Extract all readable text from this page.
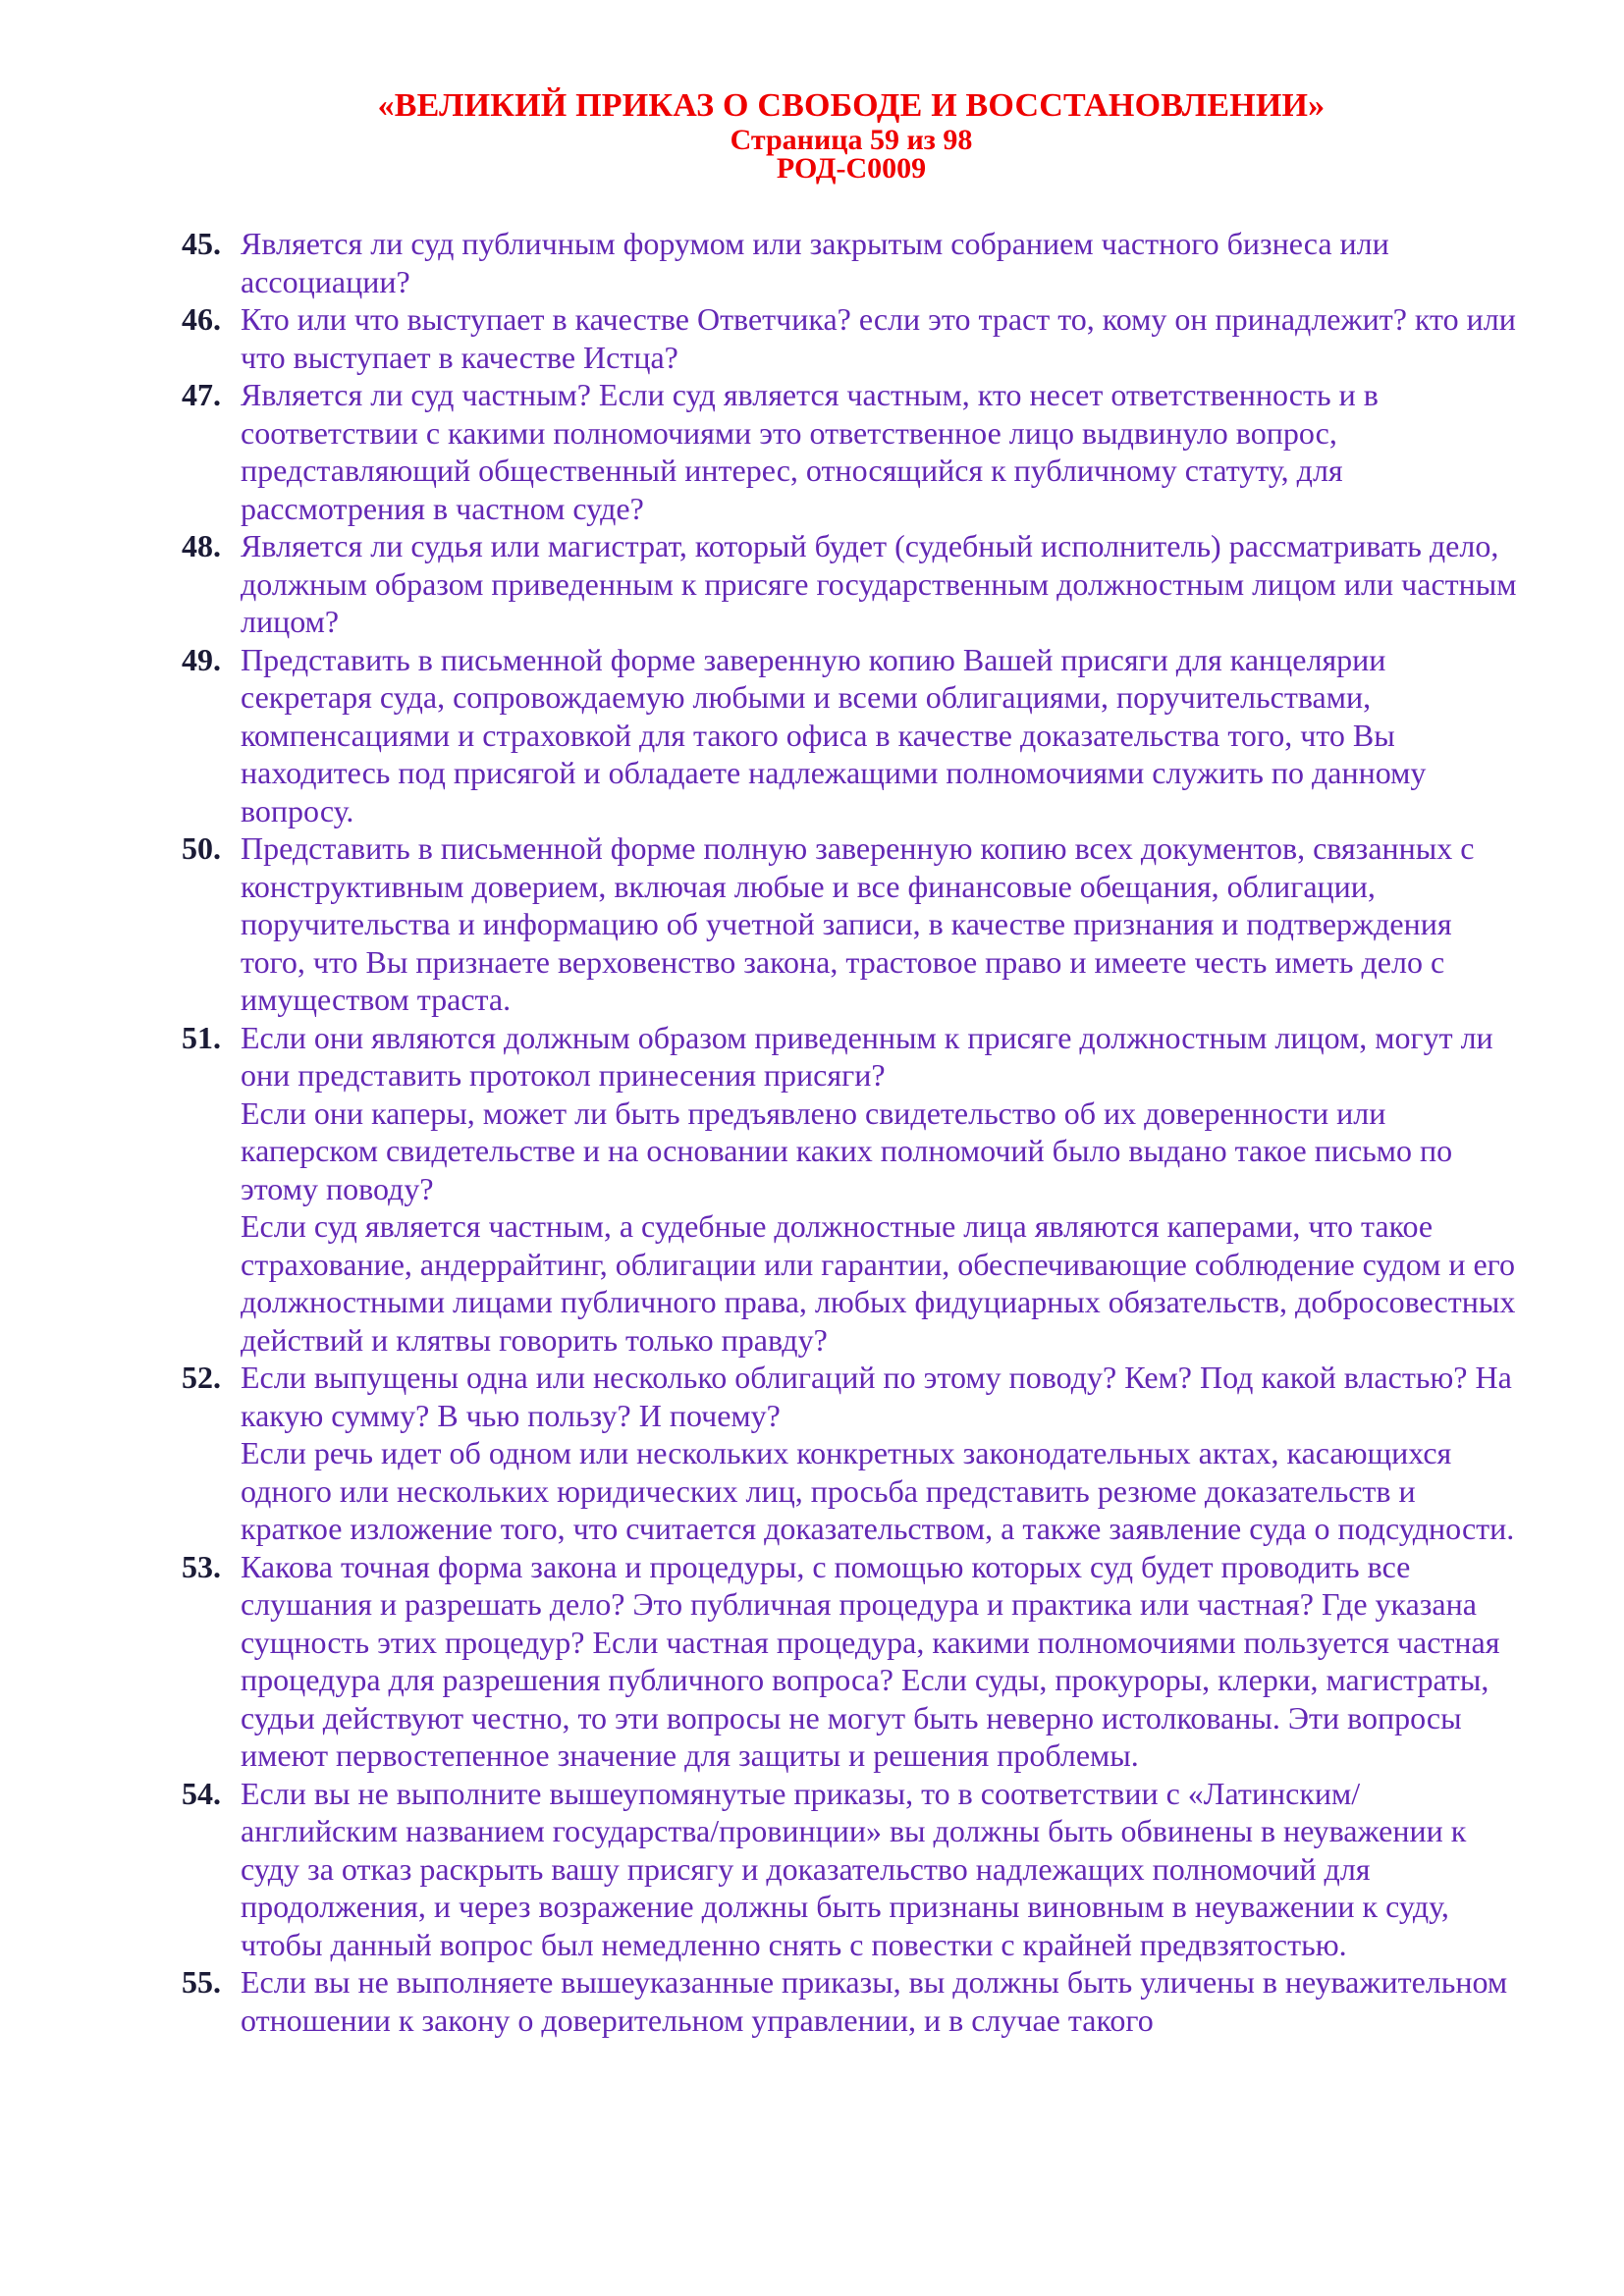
«ВЕЛИКИЙ ПРИКАЗ О СВОБОДЕ И ВОССТАНОВЛЕНИИ»
Страница 59 из 98
РОД-С0009
45. Является ли суд публичным форумом или закрытым собранием частного бизнеса или ассоциации?

46. Кто или что выступает в качестве Ответчика? если это траст то, кому он принадлежит? кто или что выступает в качестве Истца?

47. Является ли суд частным? Если суд является частным, кто несет ответственность и в соответствии с какими полномочиями это ответственное лицо выдвинуло вопрос, представляющий общественный интерес, относящийся к публичному статуту, для рассмотрения в частном суде?

48. Является ли судья или магистрат, который будет (судебный исполнитель) рассматривать дело, должным образом приведенным к присяге государственным должностным лицом или частным лицом?

49. Представить в письменной форме заверенную копию Вашей присяги для канцелярии секретаря суда, сопровождаемую любыми и всеми облигациями, поручительствами, компенсациями и страховкой для такого офиса в качестве доказательства того, что Вы находитесь под присягой и обладаете надлежащими полномочиями служить по данному вопросу.

50. Представить в письменной форме полную заверенную копию всех документов, связанных с конструктивным доверием, включая любые и все финансовые обещания, облигации, поручительства и информацию об учетной записи, в качестве признания и подтверждения того, что Вы признаете верховенство закона, трастовое право и имеете честь иметь дело с имуществом траста.

51. Если они являются должным образом приведенным к присяге должностным лицом, могут ли они представить протокол принесения присяги?

Если они каперы, может ли быть предъявлено свидетельство об их доверенности или каперском свидетельстве и на основании каких полномочий было выдано такое письмо по этому поводу?

Если суд является частным, а судебные должностные лица являются каперами, что такое страхование, андеррайтинг, облигации или гарантии, обеспечивающие соблюдение судом и его должностными лицами публичного права, любых фидуциарных обязательств, добросовестных действий и клятвы говорить только правду?

52. Если выпущены одна или несколько облигаций по этому поводу? Кем? Под какой властью? На какую сумму? В чью пользу? И почему?

Если речь идет об одном или нескольких конкретных законодательных актах, касающихся одного или нескольких юридических лиц, просьба представить резюме доказательств и краткое изложение того, что считается доказательством, а также заявление суда о подсудности.

53. Какова точная форма закона и процедуры, с помощью которых суд будет проводить все слушания и разрешать дело? Это публичная процедура и практика или частная? Где указана сущность этих процедур? Если частная процедура, какими полномочиями пользуется частная процедура для разрешения публичного вопроса? Если суды, прокуроры, клерки, магистраты, судьи действуют честно, то эти вопросы не могут быть неверно истолкованы. Эти вопросы имеют первостепенное значение для защиты и решения проблемы.

54. Если вы не выполните вышеупомянутые приказы, то в соответствии с «Латинским/английским названием государства/провинции» вы должны быть обвинены в неуважении к суду за отказ раскрыть вашу присягу и доказательство надлежащих полномочий для продолжения, и через возражение должны быть признаны виновным в неуважении к суду, чтобы данный вопрос был немедленно снять с повестки с крайней предвзятостью.

55. Если вы не выполняете вышеуказанные приказы, вы должны быть уличены в неуважительном отношении к закону о доверительном управлении, и в случае такого
